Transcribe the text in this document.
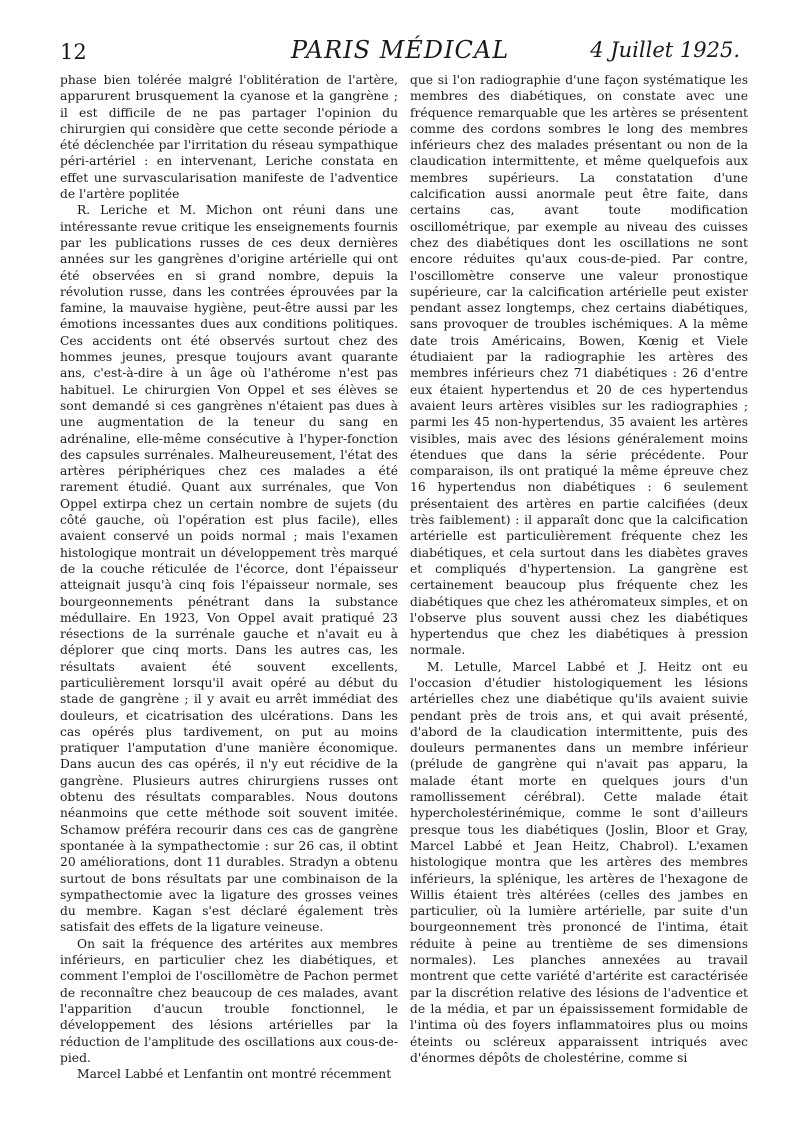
12	PARIS MÉDICAL	4 Juillet 1925.

phase bien tolérée malgré l'oblitération de l'artère, apparurent brusquement la cyanose et la gangrène ; il est difficile de ne pas partager l'opinion du chirurgien qui considère que cette seconde période a été déclenchée par l'irritation du réseau sympathique péri-artériel : en intervenant, Leriche constata en effet une survascularisation manifeste de l'adventice de l'artère poplitée

R. Leriche et M. Michon ont réuni dans une intéressante revue critique les enseignements fournis par les publications russes de ces deux dernières années sur les gangrènes d'origine artérielle qui ont été observées en si grand nombre, depuis la révolution russe, dans les contrées éprouvées par la famine, la mauvaise hygiène, peut-être aussi par les émotions incessantes dues aux conditions politiques. Ces accidents ont été observés surtout chez des hommes jeunes, presque toujours avant quarante ans, c'est-à-dire à un âge où l'athérome n'est pas habituel. Le chirurgien Von Oppel et ses élèves se sont demandé si ces gangrènes n'étaient pas dues à une augmentation de la teneur du sang en adrénaline, elle-même consécutive à l'hyper-fonction des capsules surrénales. Malheureusement, l'état des artères périphériques chez ces malades a été rarement étudié. Quant aux surrénales, que Von Oppel extirpa chez un certain nombre de sujets (du côté gauche, où l'opération est plus facile), elles avaient conservé un poids normal ; mais l'examen histologique montrait un développement très marqué de la couche réticulée de l'écorce, dont l'épaisseur atteignait jusqu'à cinq fois l'épaisseur normale, ses bourgeonnements pénétrant dans la substance médullaire. En 1923, Von Oppel avait pratiqué 23 résections de la surrénale gauche et n'avait eu à déplorer que cinq morts. Dans les autres cas, les résultats avaient été souvent excellents, particulièrement lorsqu'il avait opéré au début du stade de gangrène ; il y avait eu arrêt immédiat des douleurs, et cicatrisation des ulcérations. Dans les cas opérés plus tardivement, on put au moins pratiquer l'amputation d'une manière économique. Dans aucun des cas opérés, il n'y eut récidive de la gangrène. Plusieurs autres chirurgiens russes ont obtenu des résultats comparables. Nous doutons néanmoins que cette méthode soit souvent imitée. Schamow préféra recourir dans ces cas de gangrène spontanée à la sympathectomie : sur 26 cas, il obtint 20 améliorations, dont 11 durables. Stradyn a obtenu surtout de bons résultats par une combinaison de la sympathectomie avec la ligature des grosses veines du membre. Kagan s'est déclaré également très satisfait des effets de la ligature veineuse.

On sait la fréquence des artérites aux membres inférieurs, en particulier chez les diabétiques, et comment l'emploi de l'oscillomètre de Pachon permet de reconnaître chez beaucoup de ces malades, avant l'apparition d'aucun trouble fonctionnel, le développement des lésions artérielles par la réduction de l'amplitude des oscillations aux cous-de-pied.

Marcel Labbé et Lenfantin ont montré récemment

que si l'on radiographie d'une façon systématique les membres des diabétiques, on constate avec une fréquence remarquable que les artères se présentent comme des cordons sombres le long des membres inférieurs chez des malades présentant ou non de la claudication intermittente, et même quelquefois aux membres supérieurs. La constatation d'une calcification aussi anormale peut être faite, dans certains cas, avant toute modification oscillométrique, par exemple au niveau des cuisses chez des diabétiques dont les oscillations ne sont encore réduites qu'aux cous-de-pied. Par contre, l'oscillomètre conserve une valeur pronostique supérieure, car la calcification artérielle peut exister pendant assez longtemps, chez certains diabétiques, sans provoquer de troubles ischémiques. A la même date trois Américains, Bowen, Kœnig et Viele étudiaient par la radiographie les artères des membres inférieurs chez 71 diabétiques : 26 d'entre eux étaient hypertendus et 20 de ces hypertendus avaient leurs artères visibles sur les radiographies ; parmi les 45 non-hypertendus, 35 avaient les artères visibles, mais avec des lésions généralement moins étendues que dans la série précédente. Pour comparaison, ils ont pratiqué la même épreuve chez 16 hypertendus non diabétiques : 6 seulement présentaient des artères en partie calcifiées (deux très faiblement) : il apparaît donc que la calcification artérielle est particulièrement fréquente chez les diabétiques, et cela surtout dans les diabètes graves et compliqués d'hypertension. La gangrène est certainement beaucoup plus fréquente chez les diabétiques que chez les athéromateux simples, et on l'observe plus souvent aussi chez les diabétiques hypertendus que chez les diabétiques à pression normale.

M. Letulle, Marcel Labbé et J. Heitz ont eu l'occasion d'étudier histologiquement les lésions artérielles chez une diabétique qu'ils avaient suivie pendant près de trois ans, et qui avait présenté, d'abord de la claudication intermittente, puis des douleurs permanentes dans un membre inférieur (prélude de gangrène qui n'avait pas apparu, la malade étant morte en quelques jours d'un ramollissement cérébral). Cette malade était hypercholestérinémique, comme le sont d'ailleurs presque tous les diabétiques (Joslin, Bloor et Gray, Marcel Labbé et Jean Heitz, Chabrol). L'examen histologique montra que les artères des membres inférieurs, la splénique, les artères de l'hexagone de Willis étaient très altérées (celles des jambes en particulier, où la lumière artérielle, par suite d'un bourgeonnement très prononcé de l'intima, était réduite à peine au trentième de ses dimensions normales). Les planches annexées au travail montrent que cette variété d'artérite est caractérisée par la discrétion relative des lésions de l'adventice et de la média, et par un épaississement formidable de l'intima où des foyers inflammatoires plus ou moins éteints ou scléreux apparaissent intriqués avec d'énormes dépôts de cholestérine, comme si
